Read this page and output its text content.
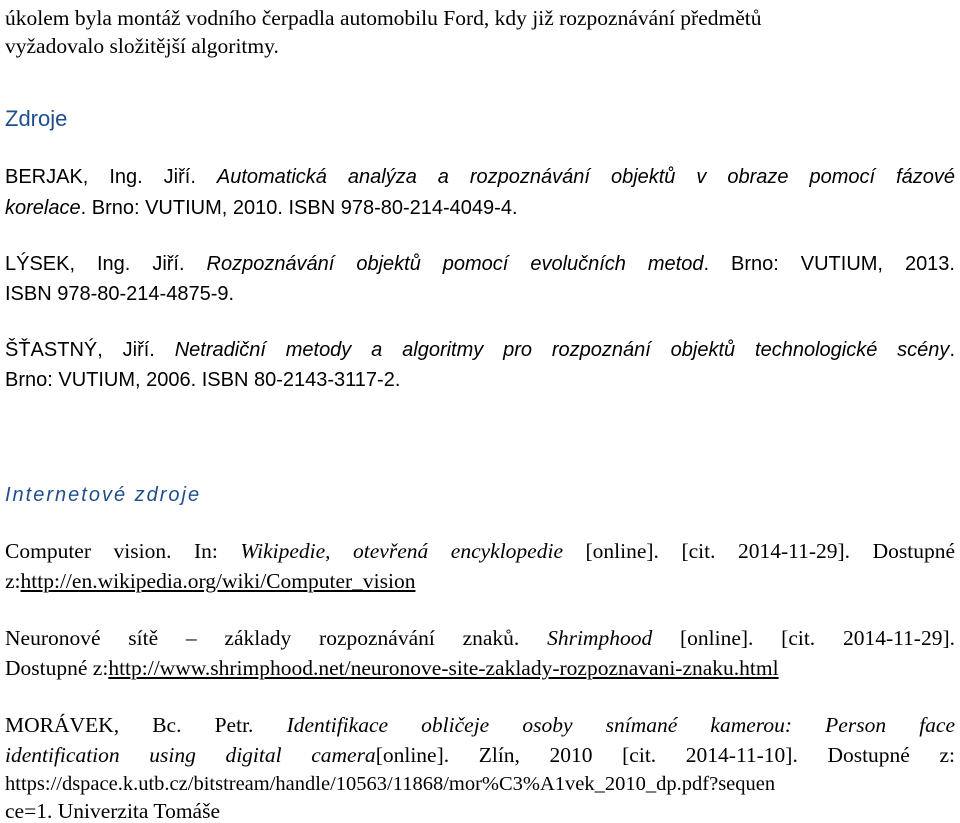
úkolem byla montáž vodního čerpadla automobilu Ford, kdy již rozpoznávání předmětů
vyžadovalo složitější algoritmy.
Zdroje
BERJAK, Ing. Jiří. Automatická analýza a rozpoznávání objektů v obraze pomocí fázové
korelace. Brno: VUTIUM, 2010. ISBN 978-80-214-4049-4.
LÝSEK, Ing. Jiří. Rozpoznávání objektů pomocí evolučních metod. Brno: VUTIUM, 2013.
ISBN 978-80-214-4875-9.
ŠŤASTNÝ, Jiří. Netradiční metody a algoritmy pro rozpoznání objektů technologické scény.
Brno: VUTIUM, 2006. ISBN 80-2143-3117-2.
Internetové zdroje
Computer vision. In: Wikipedie, otevřená encyklopedie [online]. [cit. 2014-11-29]. Dostupné
z:http://en.wikipedia.org/wiki/Computer_vision
Neuronové sítě – základy rozpoznávání znaků. Shrimphood [online]. [cit. 2014-11-29].
Dostupné z:http://www.shrimphood.net/neuronove-site-zaklady-rozpoznavani-znaku.html
MORÁVEK, Bc. Petr. Identifikace obličeje osoby snímané kamerou: Person face
identification using digital camera[online]. Zlín, 2010 [cit. 2014-11-10]. Dostupné z:
https://dspace.k.utb.cz/bitstream/handle/10563/11868/mor%C3%A1vek_2010_dp.pdf?sequen
ce=1. Univerzita Tomáše
